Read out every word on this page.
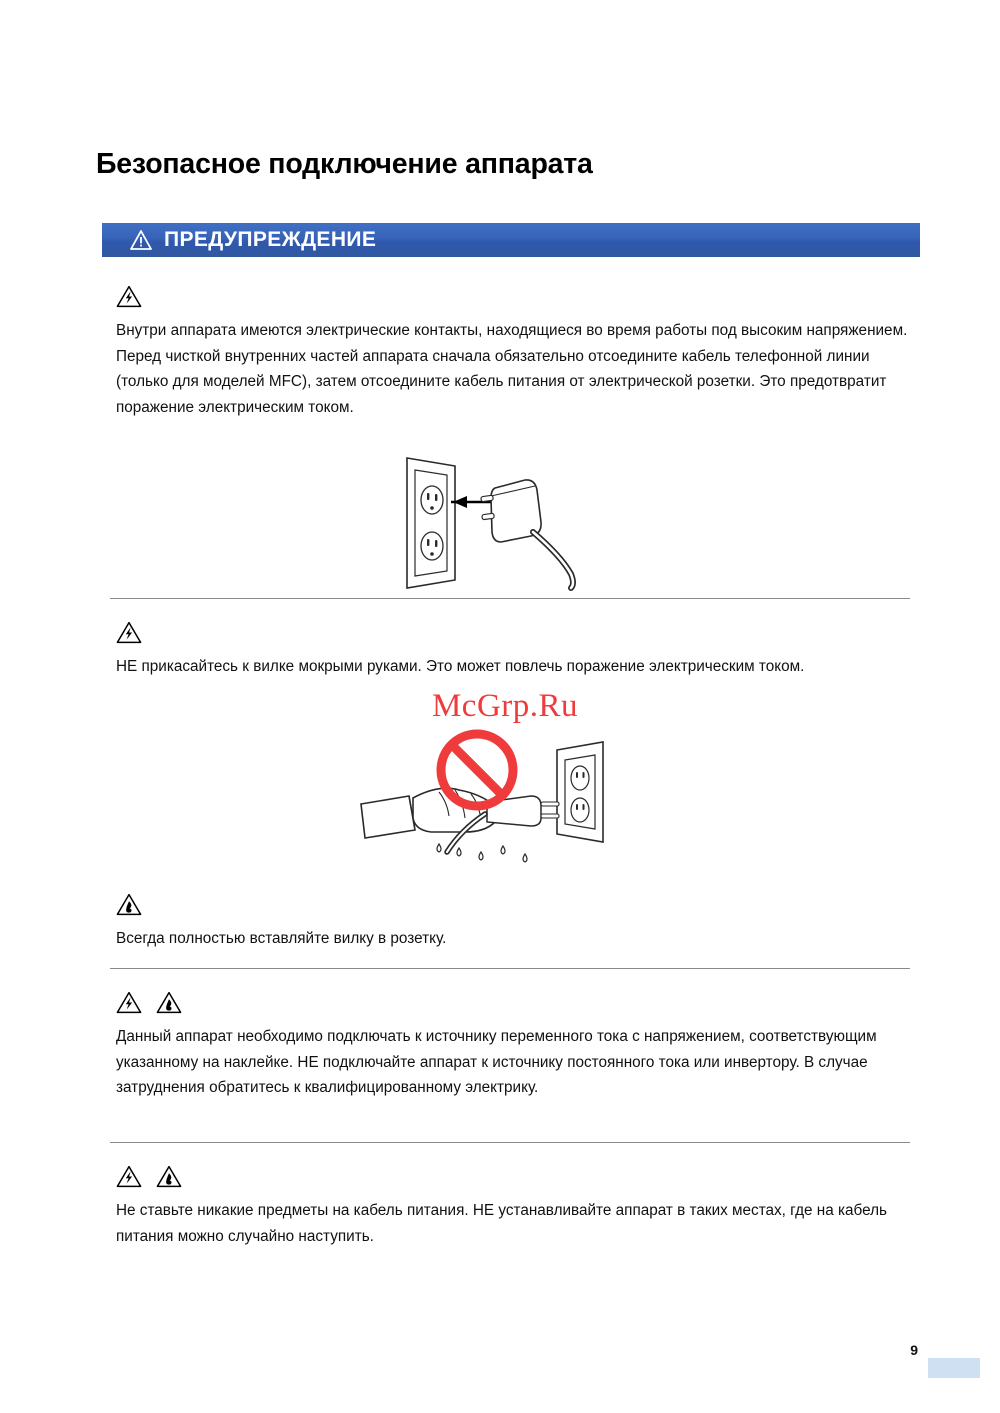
Безопасное подключение аппарата
ПРЕДУПРЕЖДЕНИЕ
Внутри аппарата имеются электрические контакты, находящиеся во время работы под высоким напряжением. Перед чисткой внутренних частей аппарата сначала обязательно отсоедините кабель телефонной линии (только для моделей MFC), затем отсоедините кабель питания от электрической розетки. Это предотвратит поражение электрическим током.
НЕ прикасайтесь к вилке мокрыми руками. Это может повлечь поражение электрическим током.
McGrp.Ru
Всегда полностью вставляйте вилку в розетку.
Данный аппарат необходимо подключать к источнику переменного тока с напряжением, соответствующим указанному на наклейке. НЕ подключайте аппарат к источнику постоянного тока или инвертору. В случае затруднения обратитесь к квалифицированному электрику.
Не ставьте никакие предметы на кабель питания. НЕ устанавливайте аппарат в таких местах, где на кабель питания можно случайно наступить.
9
